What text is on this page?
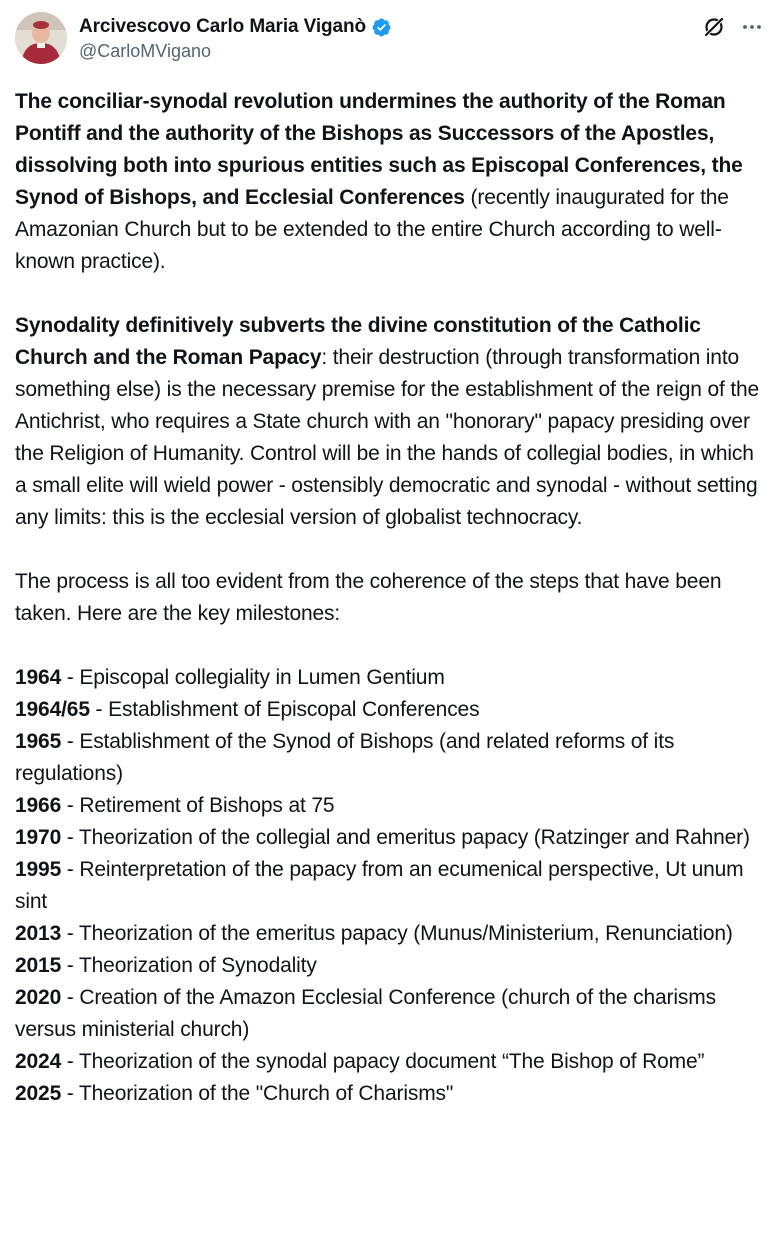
Arcivescovo Carlo Maria Viganò
@CarloMVigano

The conciliar-synodal revolution undermines the authority of the Roman Pontiff and the authority of the Bishops as Successors of the Apostles, dissolving both into spurious entities such as Episcopal Conferences, the Synod of Bishops, and Ecclesial Conferences (recently inaugurated for the Amazonian Church but to be extended to the entire Church according to well-known practice).

Synodality definitively subverts the divine constitution of the Catholic Church and the Roman Papacy: their destruction (through transformation into something else) is the necessary premise for the establishment of the reign of the Antichrist, who requires a State church with an "honorary" papacy presiding over the Religion of Humanity. Control will be in the hands of collegial bodies, in which a small elite will wield power - ostensibly democratic and synodal - without setting any limits: this is the ecclesial version of globalist technocracy.

The process is all too evident from the coherence of the steps that have been taken. Here are the key milestones:

1964 - Episcopal collegiality in Lumen Gentium

1964/65 - Establishment of Episcopal Conferences

1965 - Establishment of the Synod of Bishops (and related reforms of its regulations)

1966 - Retirement of Bishops at 75

1970 - Theorization of the collegial and emeritus papacy (Ratzinger and Rahner)

1995 - Reinterpretation of the papacy from an ecumenical perspective, Ut unum sint

2013 - Theorization of the emeritus papacy (Munus/Ministerium, Renunciation)

2015 - Theorization of Synodality

2020 - Creation of the Amazon Ecclesial Conference (church of the charisms versus ministerial church)

2024 - Theorization of the synodal papacy document “The Bishop of Rome”

2025 - Theorization of the "Church of Charisms"
